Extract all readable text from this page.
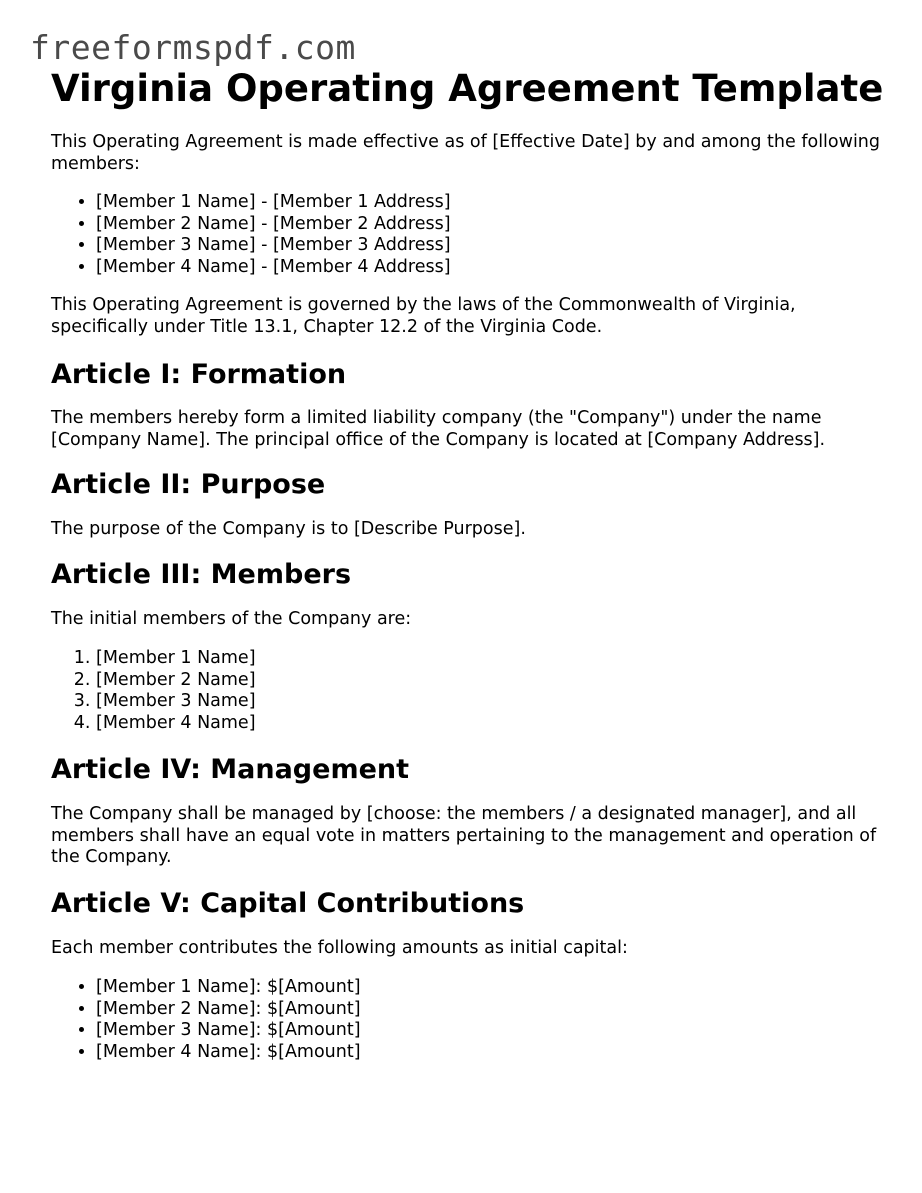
freeformspdf.com
Virginia Operating Agreement Template

This Operating Agreement is made effective as of [Effective Date] by and among the following members:

• [Member 1 Name] - [Member 1 Address]
• [Member 2 Name] - [Member 2 Address]
• [Member 3 Name] - [Member 3 Address]
• [Member 4 Name] - [Member 4 Address]

This Operating Agreement is governed by the laws of the Commonwealth of Virginia, specifically under Title 13.1, Chapter 12.2 of the Virginia Code.

Article I: Formation

The members hereby form a limited liability company (the "Company") under the name [Company Name]. The principal office of the Company is located at [Company Address].

Article II: Purpose

The purpose of the Company is to [Describe Purpose].

Article III: Members

The initial members of the Company are:

1. [Member 1 Name]
2. [Member 2 Name]
3. [Member 3 Name]
4. [Member 4 Name]
Article IV: Management

The Company shall be managed by [choose: the members / a designated manager], and all members shall have an equal vote in matters pertaining to the management and operation of the Company.

Article V: Capital Contributions

Each member contributes the following amounts as initial capital:

• [Member 1 Name]: $[Amount]
• [Member 2 Name]: $[Amount]
• [Member 3 Name]: $[Amount]
• [Member 4 Name]: $[Amount]
